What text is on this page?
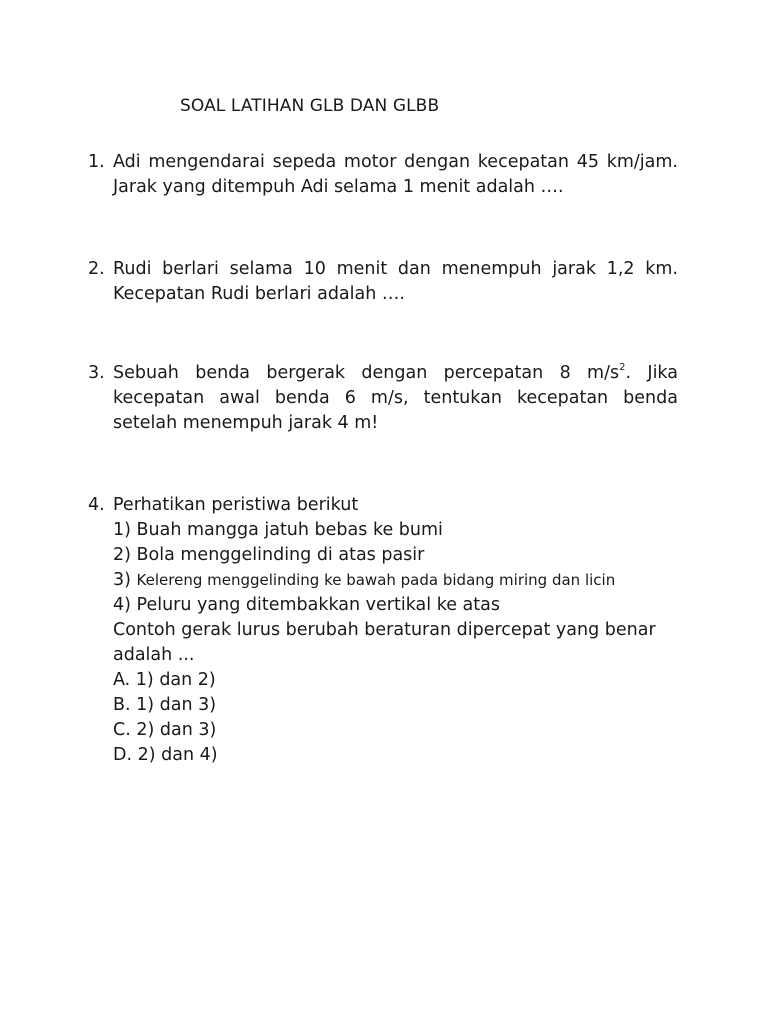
SOAL LATIHAN GLB DAN GLBB
1. Adi mengendarai sepeda motor dengan kecepatan 45 km/jam.
Jarak yang ditempuh Adi selama 1 menit adalah ….
2. Rudi berlari selama 10 menit dan menempuh jarak 1,2 km.
Kecepatan Rudi berlari adalah ….
3. Sebuah benda bergerak dengan percepatan 8 $m/s^2$. Jika
kecepatan awal benda 6 m/s, tentukan kecepatan benda
setelah menempuh jarak 4 m!
4. Perhatikan peristiwa berikut
1) Buah mangga jatuh bebas ke bumi
2) Bola menggelinding di atas pasir
3) Kelereng menggelinding ke bawah pada bidang miring dan licin
4) Peluru yang ditembakkan vertikal ke atas
Contoh gerak lurus berubah beraturan dipercepat yang benar
adalah ...
A. 1) dan 2)
B. 1) dan 3)
C. 2) dan 3)
D. 2) dan 4)
